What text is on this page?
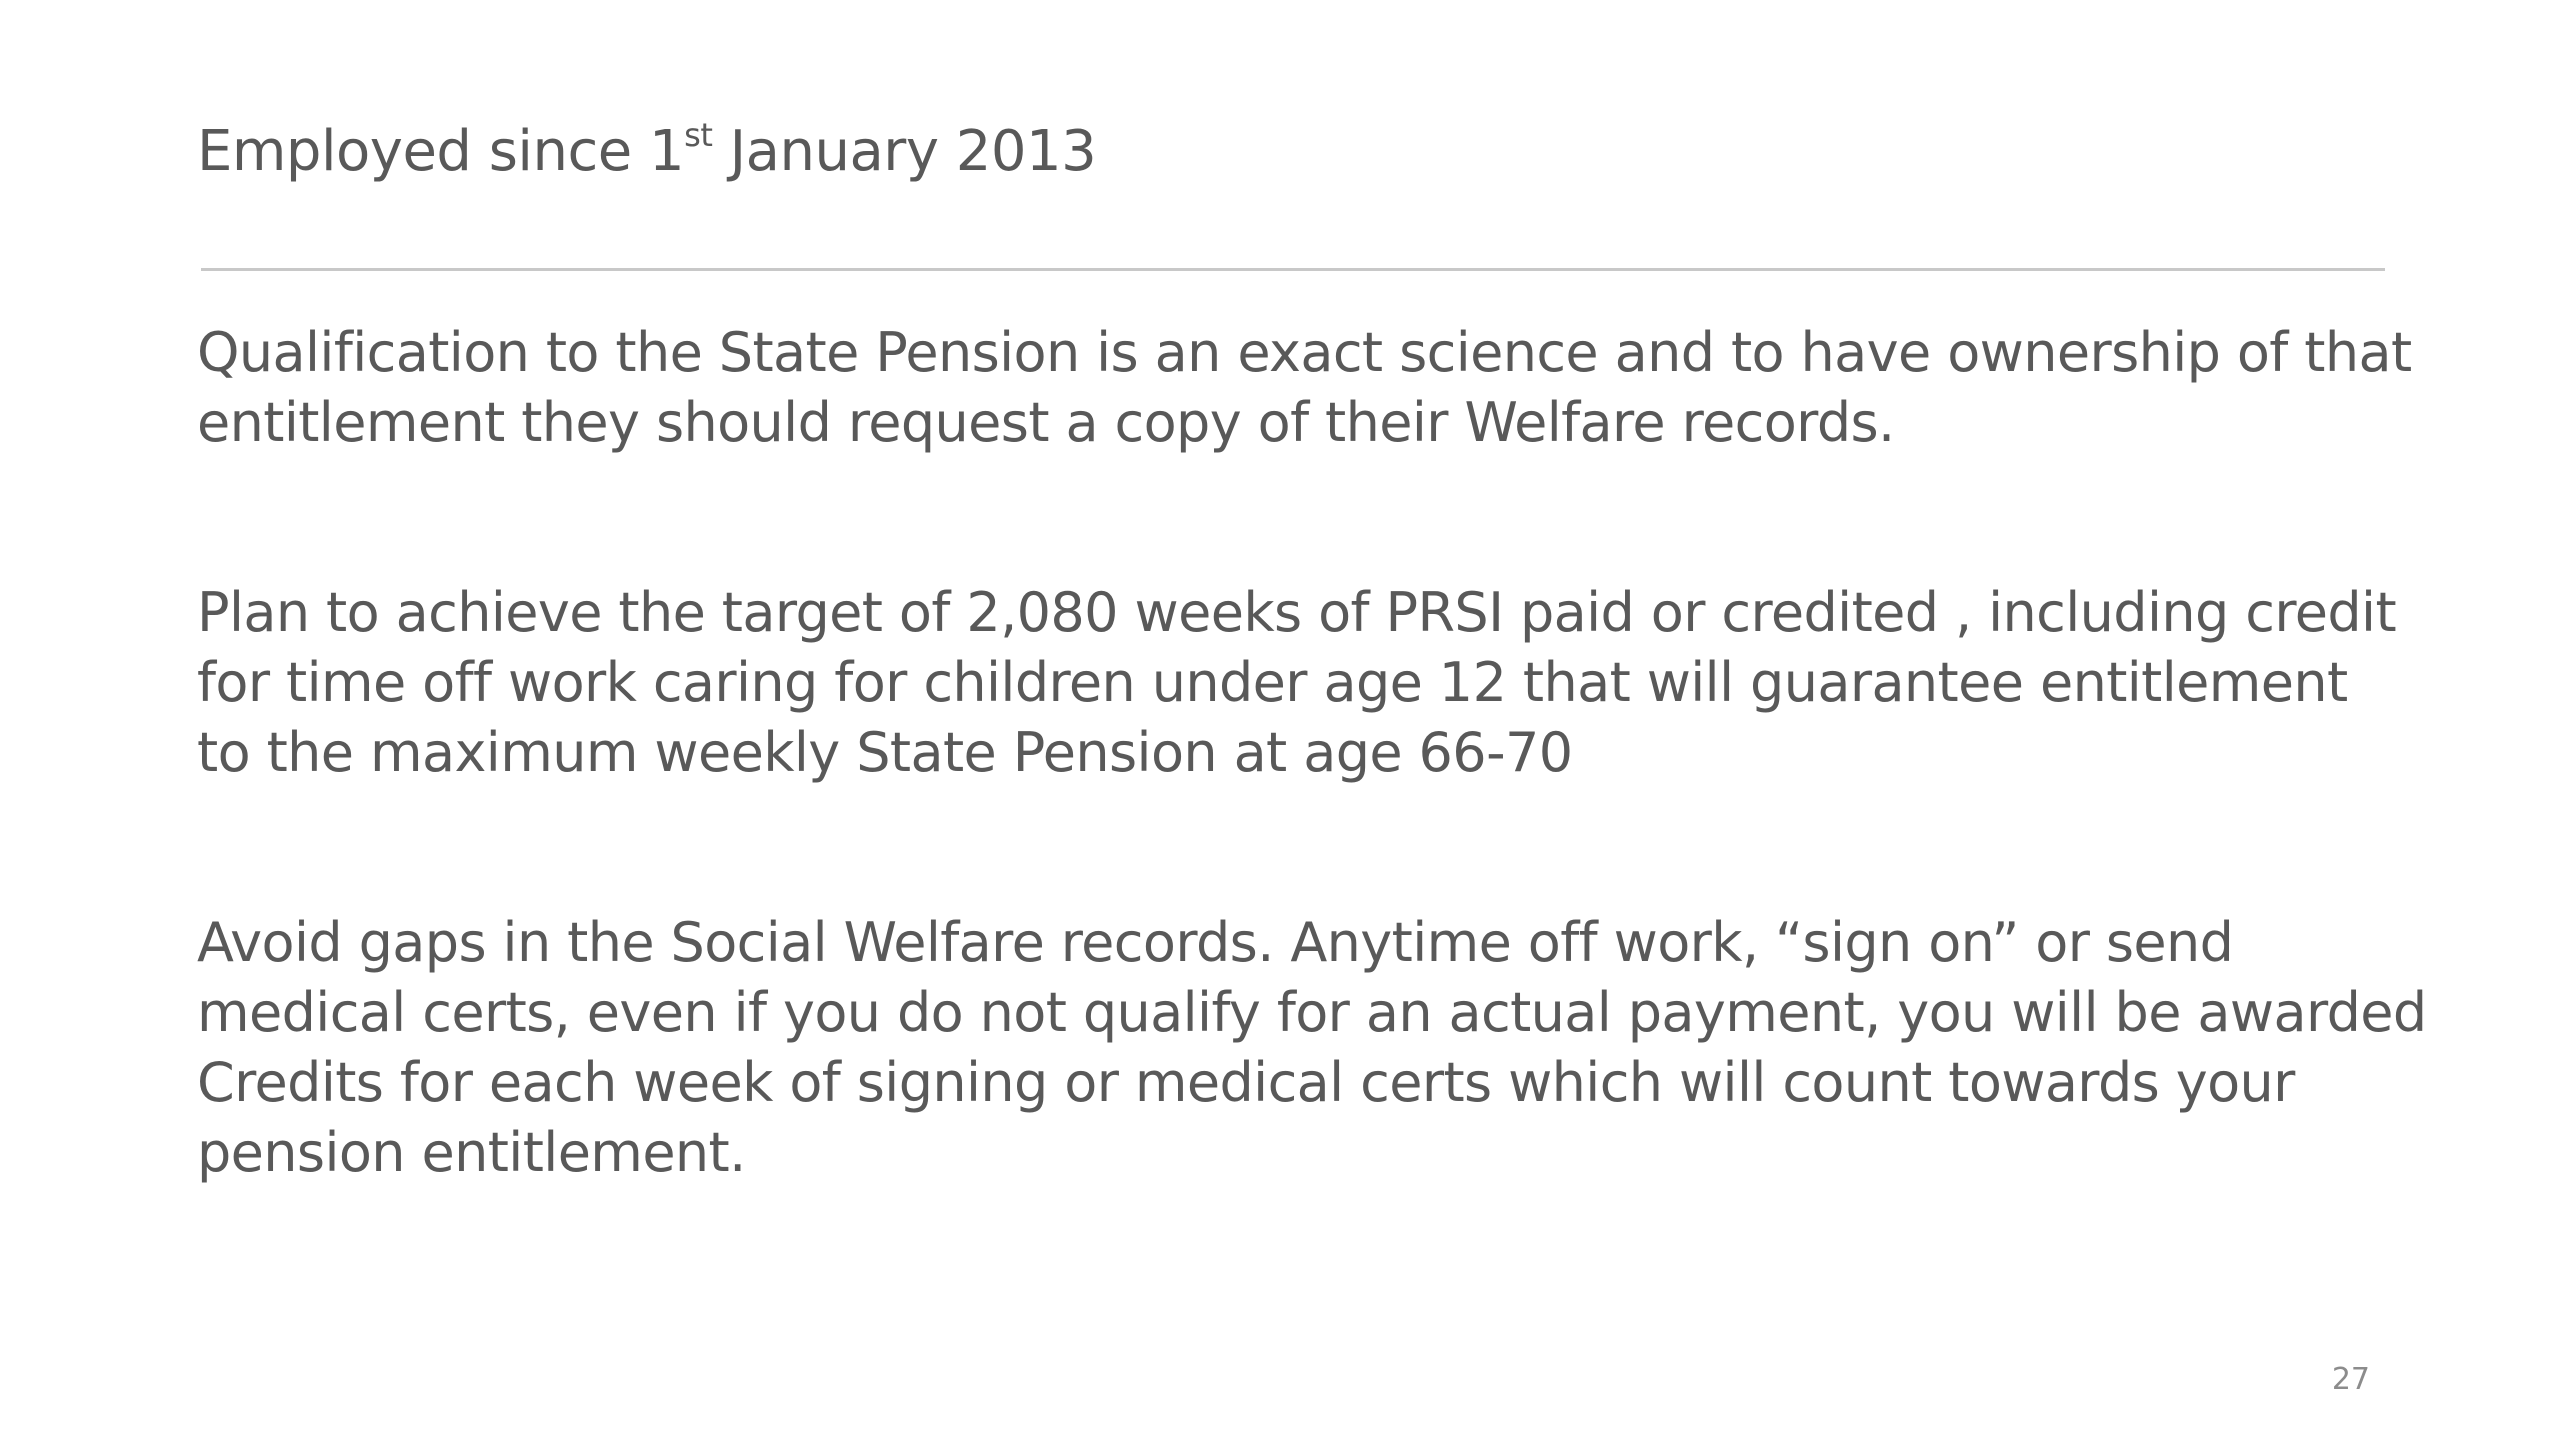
Employed since 1st January 2013

Qualification to the State Pension is an exact science and to have ownership of that
entitlement they should request a copy of their Welfare records.

Plan to achieve the target of 2,080 weeks of PRSI paid or credited , including credit
for time off work caring for children under age 12 that will guarantee entitlement
to the maximum weekly State Pension at age 66-70

Avoid gaps in the Social Welfare records. Anytime off work, “sign on” or send
medical certs, even if you do not qualify for an actual payment, you will be awarded
Credits for each week of signing or medical certs which will count towards your
pension entitlement.

27
